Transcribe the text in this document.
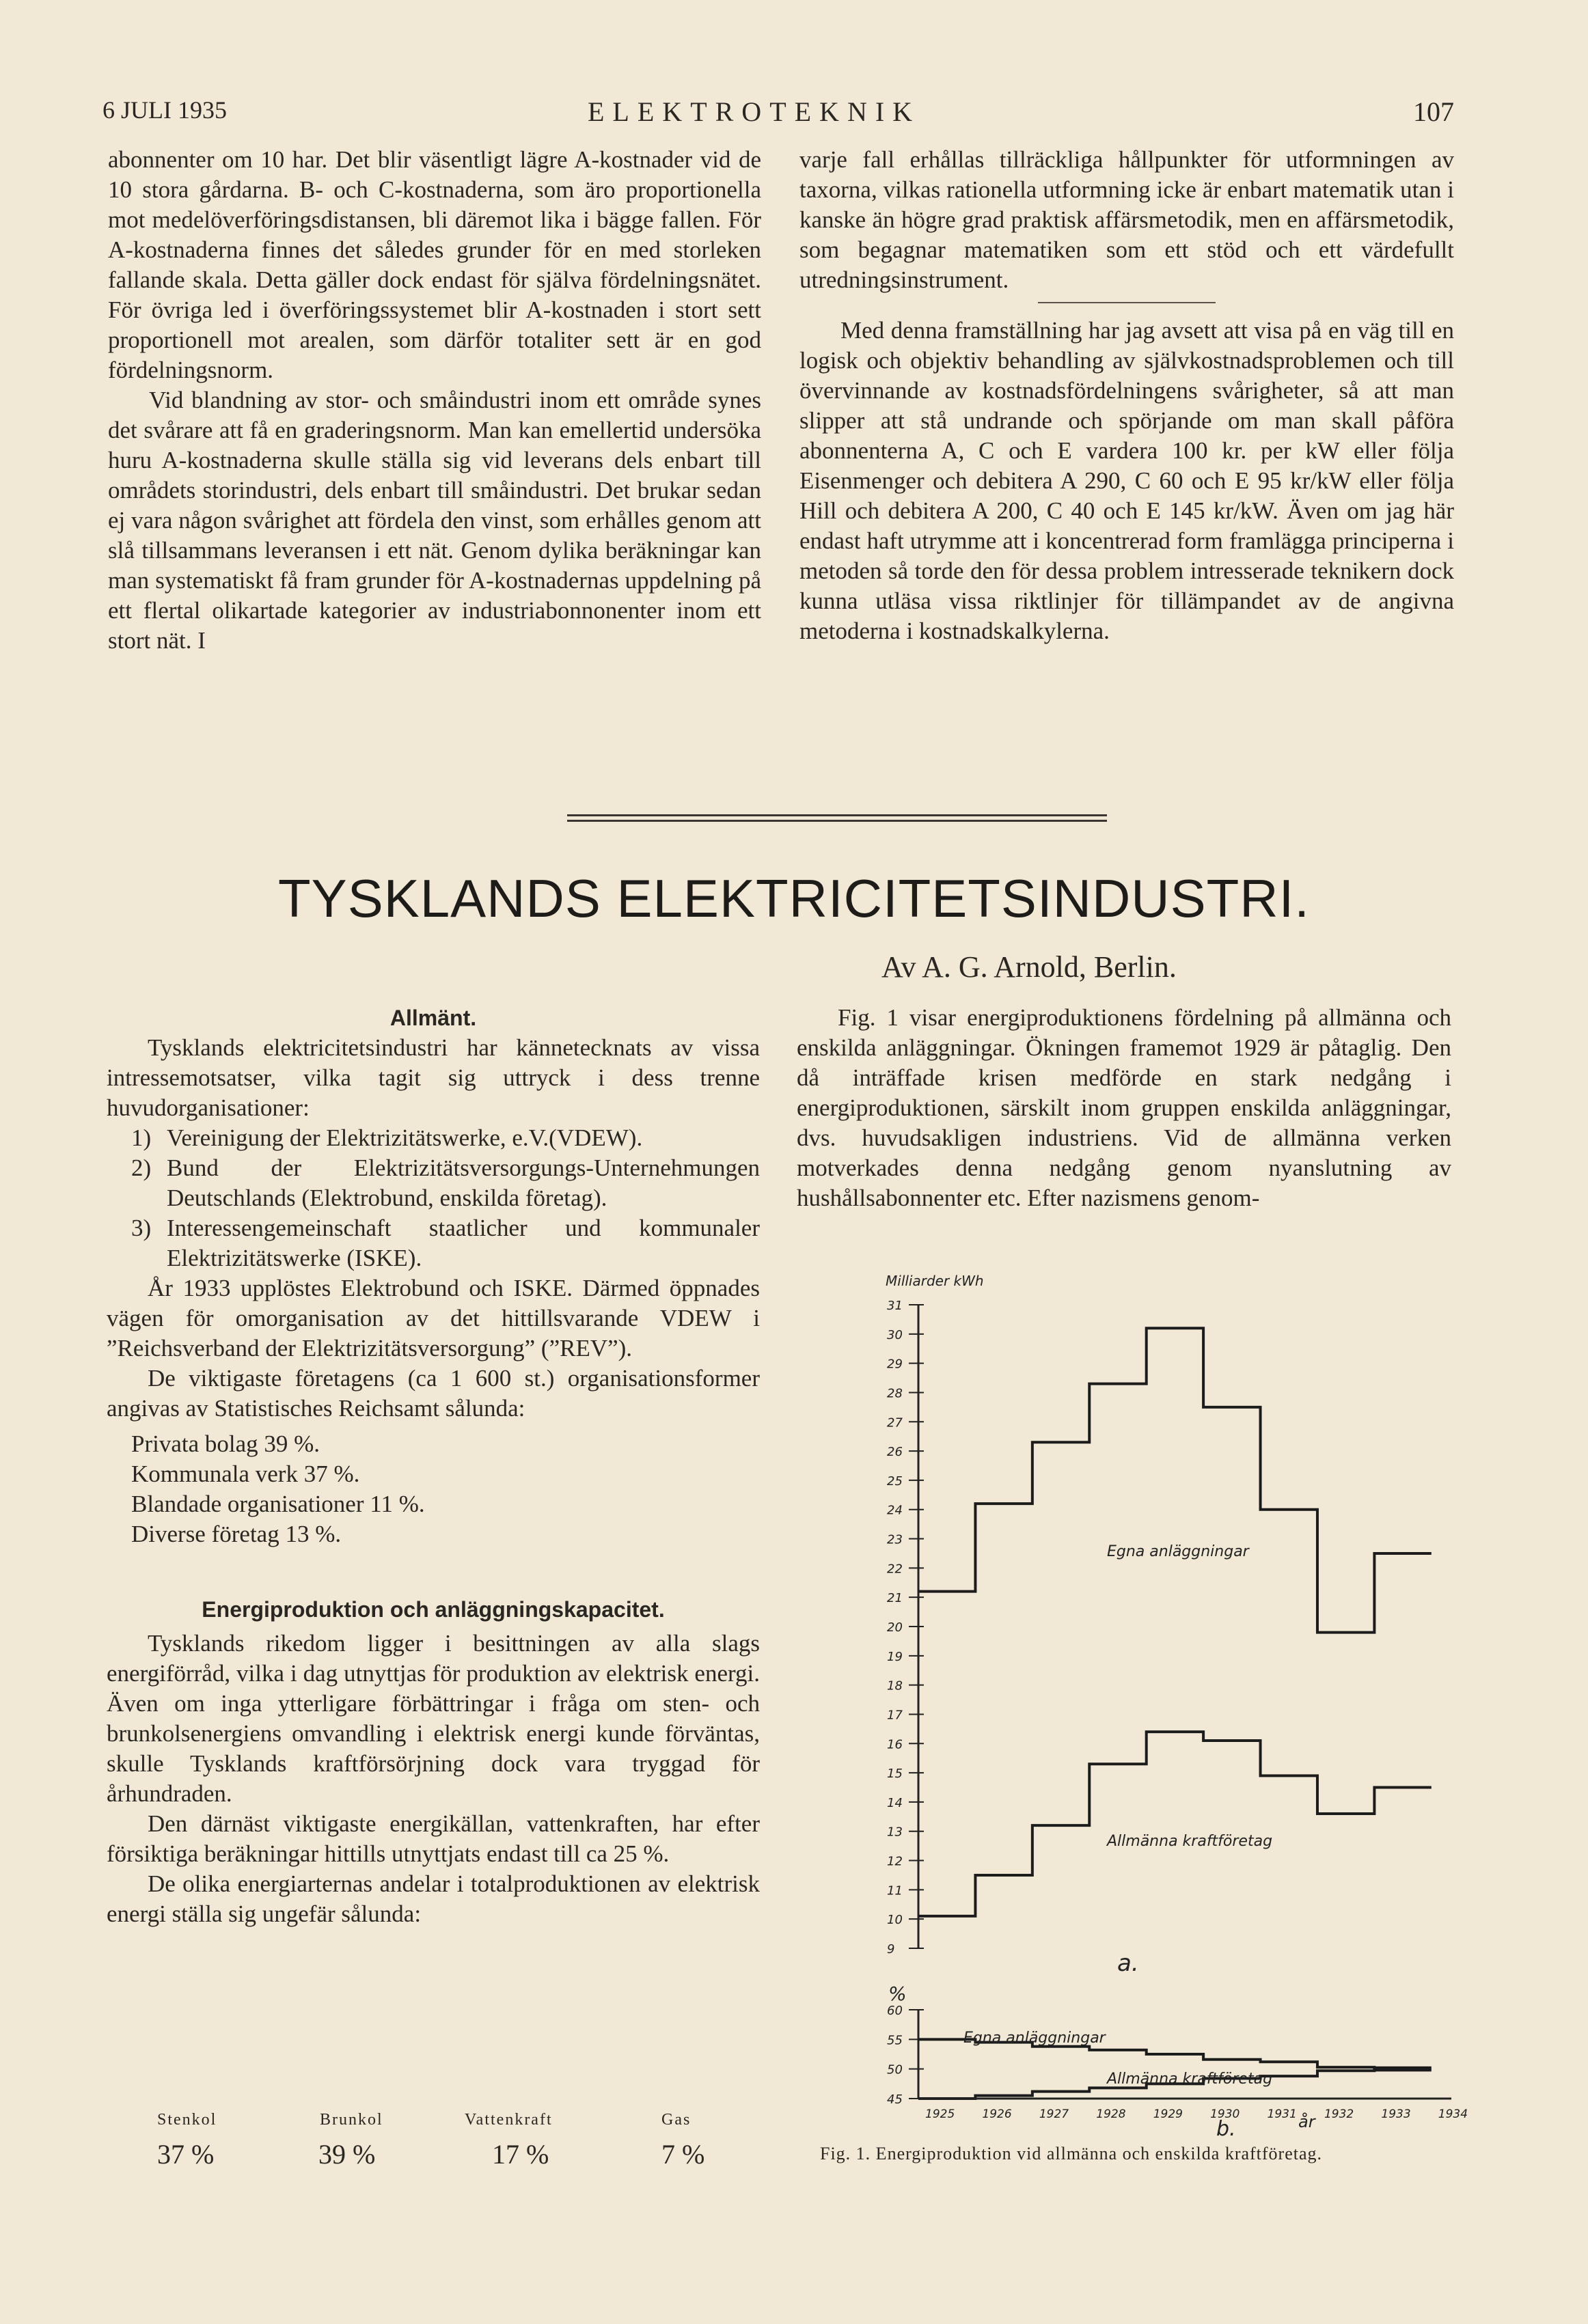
6 JULI 1935	ELEKTROTEKNIK	107

abonnenter om 10 har. Det blir väsentligt lägre A-kostnader vid de 10 stora gårdarna. B- och C-kostnaderna, som äro proportionella mot medelöverföringsdistansen, bli däremot lika i bägge fallen. För A-kostnaderna finnes det således grunder för en med storleken fallande skala. Detta gäller dock endast för själva fördelningsnätet. För övriga led i överföringssystemet blir A-kostnaden i stort sett proportionell mot arealen, som därför totaliter sett är en god fördelningsnorm.

Vid blandning av stor- och småindustri inom ett område synes det svårare att få en graderingsnorm. Man kan emellertid undersöka huru A-kostnaderna skulle ställa sig vid leverans dels enbart till områdets storindustri, dels enbart till småindustri. Det brukar sedan ej vara någon svårighet att fördela den vinst, som erhålles genom att slå tillsammans leveransen i ett nät. Genom dylika beräkningar kan man systematiskt få fram grunder för A-kostnadernas uppdelning på ett flertal olikartade kategorier av industriabonnonenter inom ett stort nät. I

varje fall erhållas tillräckliga hållpunkter för utformningen av taxorna, vilkas rationella utformning icke är enbart matematik utan i kanske än högre grad praktisk affärsmetodik, men en affärsmetodik, som begagnar matematiken som ett stöd och ett värdefullt utredningsinstrument.

Med denna framställning har jag avsett att visa på en väg till en logisk och objektiv behandling av självkostnadsproblemen och till övervinnande av kostnadsfördelningens svårigheter, så att man slipper att stå undrande och spörjande om man skall påföra abonnenterna A, C och E vardera 100 kr. per kW eller följa Eisenmenger och debitera A 290, C 60 och E 95 kr/kW eller följa Hill och debitera A 200, C 40 och E 145 kr/kW. Även om jag här endast haft utrymme att i koncentrerad form framlägga principerna i metoden så torde den för dessa problem intresserade teknikern dock kunna utläsa vissa riktlinjer för tillämpandet av de angivna metoderna i kostnadskalkylerna.

TYSKLANDS ELEKTRICITETSINDUSTRI.
Av A. G. Arnold, Berlin.
Allmänt.

Tysklands elektricitetsindustri har kännetecknats av vissa intressemotsatser, vilka tagit sig uttryck i dess trenne huvudorganisationer:

1) Vereinigung der Elektrizitätswerke, e.V.(VDEW).
2) Bund der Elektrizitätsversorgungs-Unternehmungen Deutschlands (Elektrobund, enskilda företag).
3) Interessengemeinschaft staatlicher und kommunaler Elektrizitätswerke (ISKE).

År 1933 upplöstes Elektrobund och ISKE. Därmed öppnades vägen för omorganisation av det hittillsvarande VDEW i ”Reichsverband der Elektrizitätsversorgung” (”REV”).

De viktigaste företagens (ca 1 600 st.) organisationsformer angivas av Statistisches Reichsamt sålunda:

Privata bolag 39 %.
Kommunala verk 37 %.
Blandade organisationer 11 %.
Diverse företag 13 %.
Energiproduktion och anläggningskapacitet.

Tysklands rikedom ligger i besittningen av alla slags energiförråd, vilka i dag utnyttjas för produktion av elektrisk energi. Även om inga ytterligare förbättringar i fråga om sten- och brunkolsenergiens omvandling i elektrisk energi kunde förväntas, skulle Tysklands kraftförsörjning dock vara tryggad för århundraden.

Den därnäst viktigaste energikällan, vattenkraften, har efter försiktiga beräkningar hittills utnyttjats endast till ca 25 %.

De olika energiarternas andelar i totalproduktionen av elektrisk energi ställa sig ungefär sålunda:

Stenkol	Brunkol	Vattenkraft	Gas
37 %	39 %	17 %	7 %

Fig. 1 visar energiproduktionens fördelning på allmänna och enskilda anläggningar. Ökningen framemot 1929 är påtaglig. Den då inträffade krisen medförde en stark nedgång i energiproduktionen, särskilt inom gruppen enskilda anläggningar, dvs. huvudsakligen industriens. Vid de allmänna verken motverkades denna nedgång genom nyanslutning av hushållsabonnenter etc. Efter nazismens genom-

Milliarder kWh
a.
%
år
9
10
11
12
13
14
15
16
17
18
19
20
21
22
23
24
25
26
27
28
29
30
31
45
50
55
60
Egna anläggningar
Allmänna kraftföretag
Egna anläggningar
Allmänna kraftföretag
1925 1926 1927 1928 1929 1930 1931 1932 1933 1934
b.
Fig. 1. Energiproduktion vid allmänna och enskilda kraftföretag.
